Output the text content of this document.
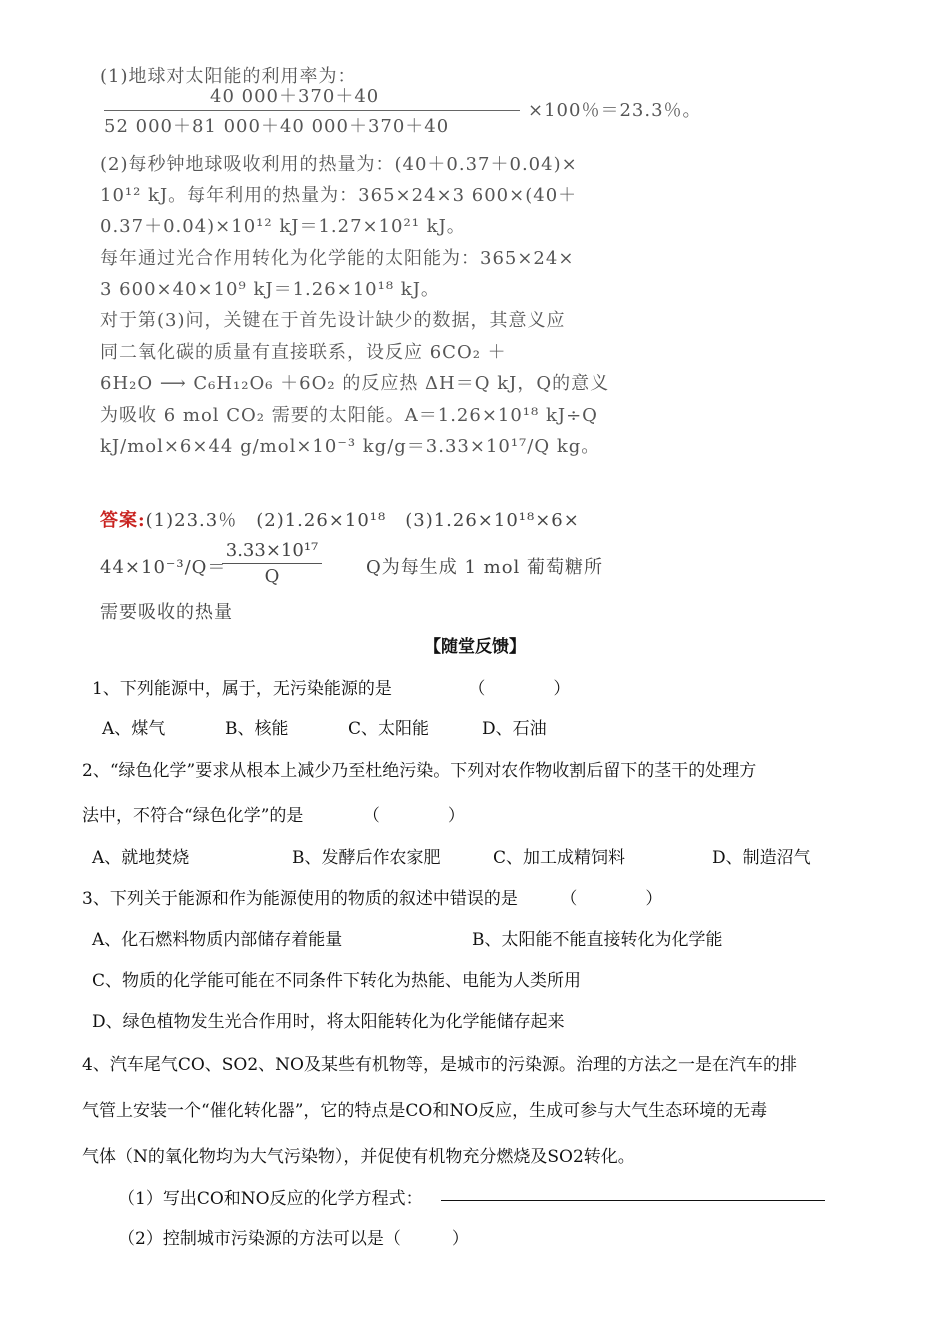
(1)地球对太阳能的利用率为：
40 000＋370＋40
52 000＋81 000＋40 000＋370＋40
×100％＝23.3％。
(2)每秒钟地球吸收利用的热量为：(40＋0.37＋0.04)×
10¹² kJ。每年利用的热量为：365×24×3 600×(40＋
0.37＋0.04)×10¹² kJ＝1.27×10²¹ kJ。
每年通过光合作用转化为化学能的太阳能为：365×24×
3 600×40×10⁹ kJ＝1.26×10¹⁸ kJ。
对于第(3)问，关键在于首先设计缺少的数据，其意义应
同二氧化碳的质量有直接联系，设反应 6CO₂ ＋
6H₂O ⟶ C₆H₁₂O₆ ＋6O₂ 的反应热 ΔH＝Q kJ，Q的意义
为吸收 6 mol CO₂ 需要的太阳能。A＝1.26×10¹⁸ kJ÷Q
kJ/mol×6×44 g/mol×10⁻³ kg/g＝3.33×10¹⁷/Q kg。
答案:(1)23.3％　(2)1.26×10¹⁸　(3)1.26×10¹⁸×6×
44×10⁻³/Q＝
3.33×10¹⁷
Q	Q为每生成 1 mol 葡萄糖所
需要吸收的热量
【随堂反馈】
1、下列能源中，属于，无污染能源的是　　　　　（　　　　）
A、煤气	B、核能	C、太阳能	D、石油
2、“绿色化学”要求从根本上减少乃至杜绝污染。下列对农作物收割后留下的茎干的处理方
法中，不符合“绿色化学”的是　　　　（　　　　）
A、就地焚烧	B、发酵后作农家肥	C、加工成精饲料	D、制造沼气
3、下列关于能源和作为能源使用的物质的叙述中错误的是　　　（　　　　）
A、化石燃料物质内部储存着能量	B、太阳能不能直接转化为化学能
C、物质的化学能可能在不同条件下转化为热能、电能为人类所用
D、绿色植物发生光合作用时，将太阳能转化为化学能储存起来
4、汽车尾气CO、SO2、NO及某些有机物等，是城市的污染源。治理的方法之一是在汽车的排
气管上安装一个“催化转化器”，它的特点是CO和NO反应，生成可参与大气生态环境的无毒
气体（N的氧化物均为大气污染物），并促使有机物充分燃烧及SO2转化。
（1）写出CO和NO反应的化学方程式：
（2）控制城市污染源的方法可以是（　　　）
